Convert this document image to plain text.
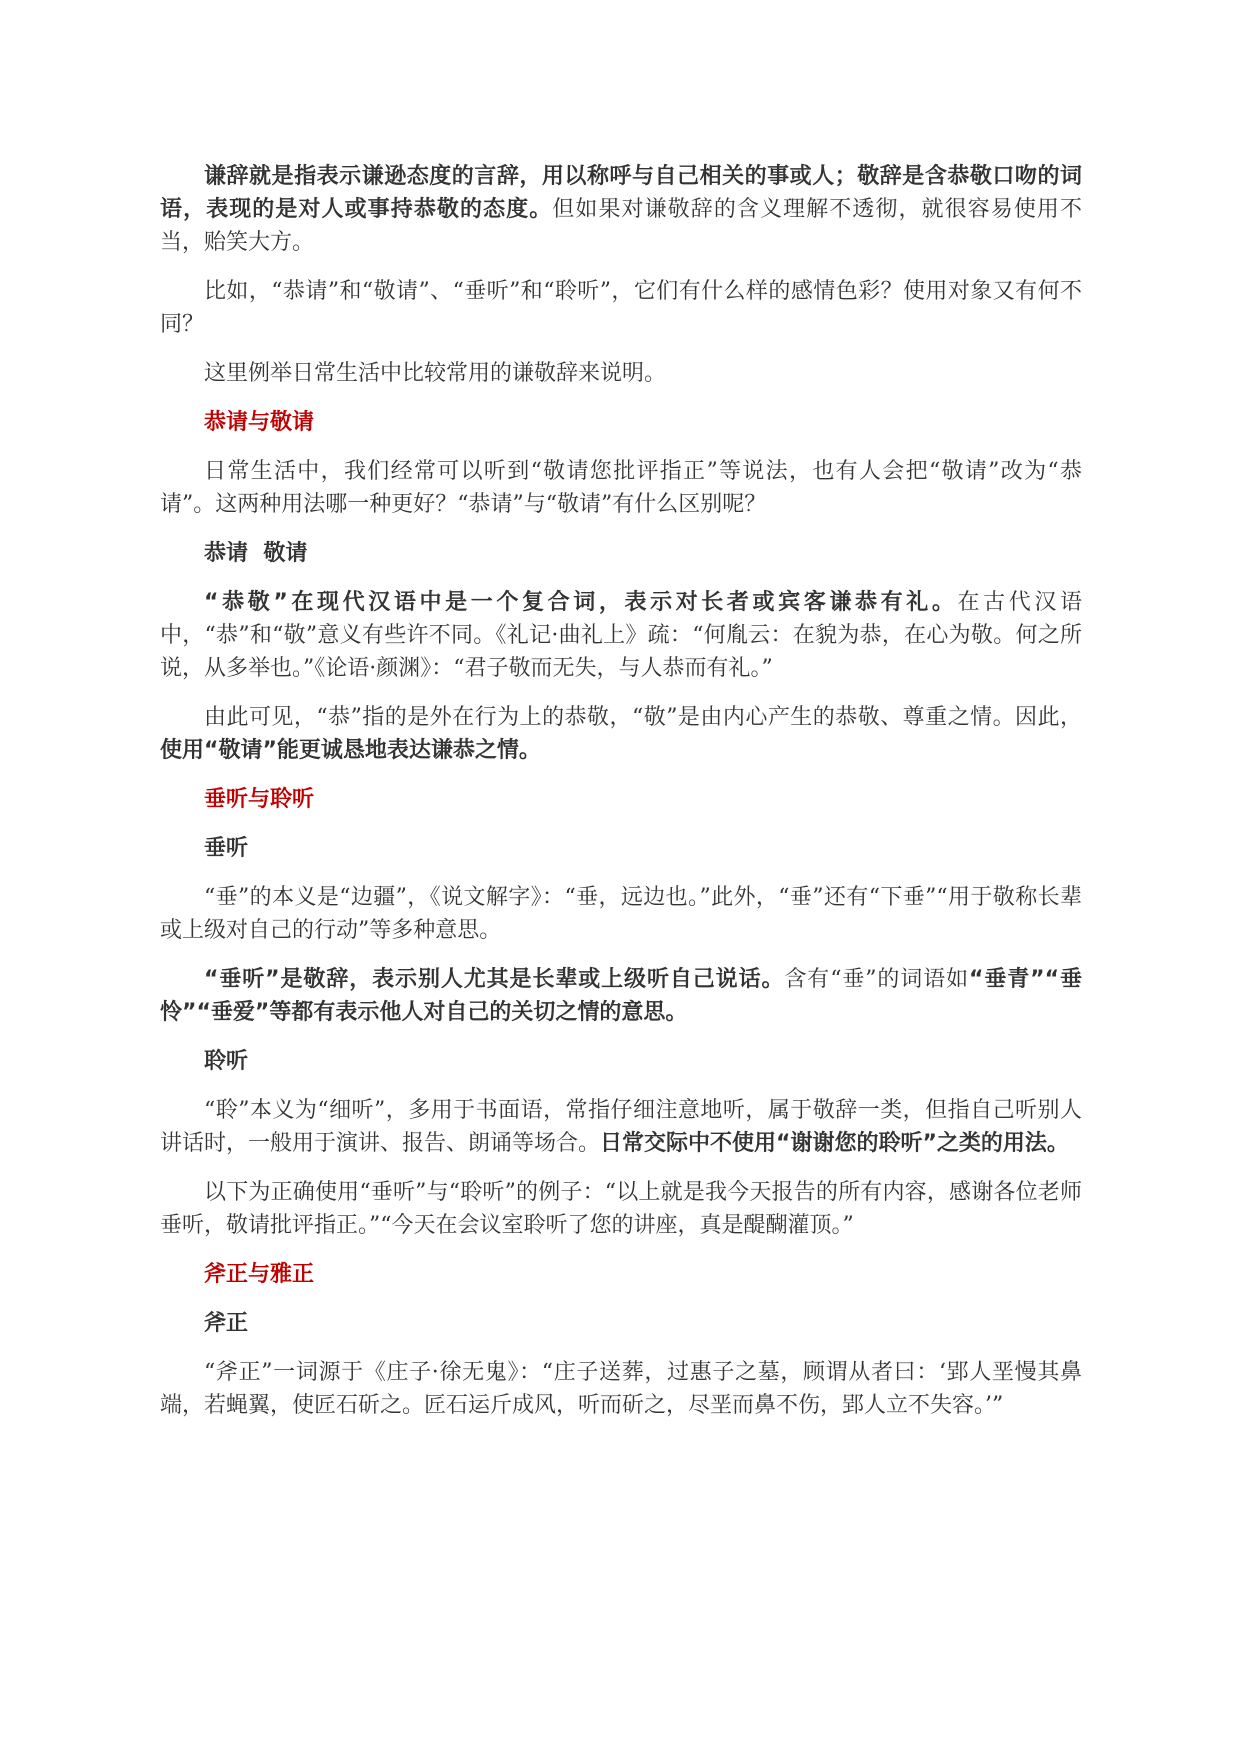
谦辞就是指表示谦逊态度的言辞，用以称呼与自己相关的事或人；敬辞是含恭敬口吻的词语，表现的是对人或事持恭敬的态度。但如果对谦敬辞的含义理解不透彻，就很容易使用不当，贻笑大方。

比如，“恭请”和“敬请”、“垂听”和“聆听”，它们有什么样的感情色彩？使用对象又有何不同？

这里例举日常生活中比较常用的谦敬辞来说明。

恭请与敬请

日常生活中，我们经常可以听到“敬请您批评指正”等说法，也有人会把“敬请”改为“恭请”。这两种用法哪一种更好？“恭请”与“敬请”有什么区别呢？

恭请  敬请

“恭敬”在现代汉语中是一个复合词，表示对长者或宾客谦恭有礼。在古代汉语中，“恭”和“敬”意义有些许不同。《礼记·曲礼上》疏：“何胤云：在貌为恭，在心为敬。何之所说，从多举也。”《论语·颜渊》：“君子敬而无失，与人恭而有礼。”

由此可见，“恭”指的是外在行为上的恭敬，“敬”是由内心产生的恭敬、尊重之情。因此，使用“敬请”能更诚恳地表达谦恭之情。

垂听与聆听
垂听

“垂”的本义是“边疆”，《说文解字》：“垂，远边也。”此外，“垂”还有“下垂”“用于敬称长辈或上级对自己的行动”等多种意思。

“垂听”是敬辞，表示别人尤其是长辈或上级听自己说话。含有“垂”的词语如“垂青”“垂怜”“垂爱”等都有表示他人对自己的关切之情的意思。

聆听

“聆”本义为“细听”，多用于书面语，常指仔细注意地听，属于敬辞一类，但指自己听别人讲话时，一般用于演讲、报告、朗诵等场合。日常交际中不使用“谢谢您的聆听”之类的用法。

以下为正确使用“垂听”与“聆听”的例子：“以上就是我今天报告的所有内容，感谢各位老师垂听，敬请批评指正。”“今天在会议室聆听了您的讲座，真是醍醐灌顶。”

斧正与雅正
斧正

“斧正”一词源于《庄子·徐无鬼》：“庄子送葬，过惠子之墓，顾谓从者曰：‘郢人垩慢其鼻端，若蝇翼，使匠石斫之。匠石运斤成风，听而斫之，尽垩而鼻不伤，郢人立不失容。’”
